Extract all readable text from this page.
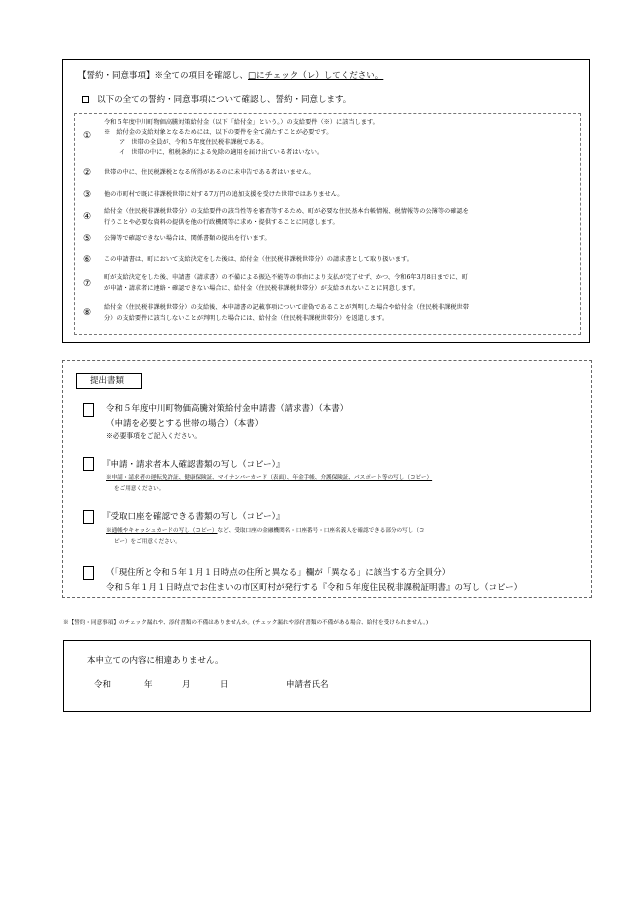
【誓約・同意事項】※全ての項目を確認し、□にチェック（レ）してください。
以下の全ての誓約・同意事項について確認し、誓約・同意します。
①
令和５年度中川町物価高騰対策給付金（以下「給付金」という。）の支給要件（※）に該当します。
※　給付金の支給対象となるためには、以下の要件を全て満たすことが必要です。
ア　世帯の全員が、令和５年度住民税非課税である。
イ　世帯の中に、租税条約による免除の適用を届け出ている者はいない。
② 世帯の中に、住民税課税となる所得があるのに未申告である者はいません。
③ 他の市町村で既に非課税世帯に対する7万円の追加支援を受けた世帯ではありません。
④
給付金（住民税非課税世帯分）の支給要件の該当性等を審査等するため、町が必要な住民基本台帳情報、税情報等の公簿等の確認を
行うことや必要な資料の提供を他の行政機関等に求め・提供することに同意します。
⑤ 公簿等で確認できない場合は、関係書類の提出を行います。
⑥ この申請書は、町において支給決定をした後は、給付金（住民税非課税世帯分）の請求書として取り扱います。
⑦
町が支給決定をした後、申請書（請求書）の不備による振込不能等の事由により支払が完了せず、かつ、令和6年3月8日までに、町
が申請・請求者に連絡・確認できない場合に、給付金（住民税非課税世帯分）が支給されないことに同意します。
⑧
給付金（住民税非課税世帯分）の支給後、本申請書の記載事項について虚偽であることが判明した場合や給付金（住民税非課税世帯
分）の支給要件に該当しないことが判明した場合には、給付金（住民税非課税世帯分）を返還します。
提出書類
令和５年度中川町物価高騰対策給付金申請書（請求書）（本書）
（申請を必要とする世帯の場合）（本書）
※必要事項をご記入ください。
『申請・請求者本人確認書類の写し（コピー）』
※申請・請求者の運転免許証、健康保険証、マイナンバーカード（表面）、年金手帳、介護保険証、パスポート等の写し（コピー）
をご用意ください。
『受取口座を確認できる書類の写し（コピー）』
※通帳やキャッシュカードの写し（コピー）など、受取口座の金融機関名・口座番号・口座名義人を確認できる部分の写し（コ
ピー）をご用意ください。
（「現住所と令和５年１月１日時点の住所と異なる」欄が「異なる」に該当する方全員分）
令和５年１月１日時点でお住まいの市区町村が発行する『令和５年度住民税非課税証明書』の写し（コピー）
※【誓約・同意事項】のチェック漏れや、添付書類の不備はありませんか。(チェック漏れや添付書類の不備がある場合、給付を受けられません。)
本申立ての内容に相違ありません。
令和	年	月	日	申請者氏名
